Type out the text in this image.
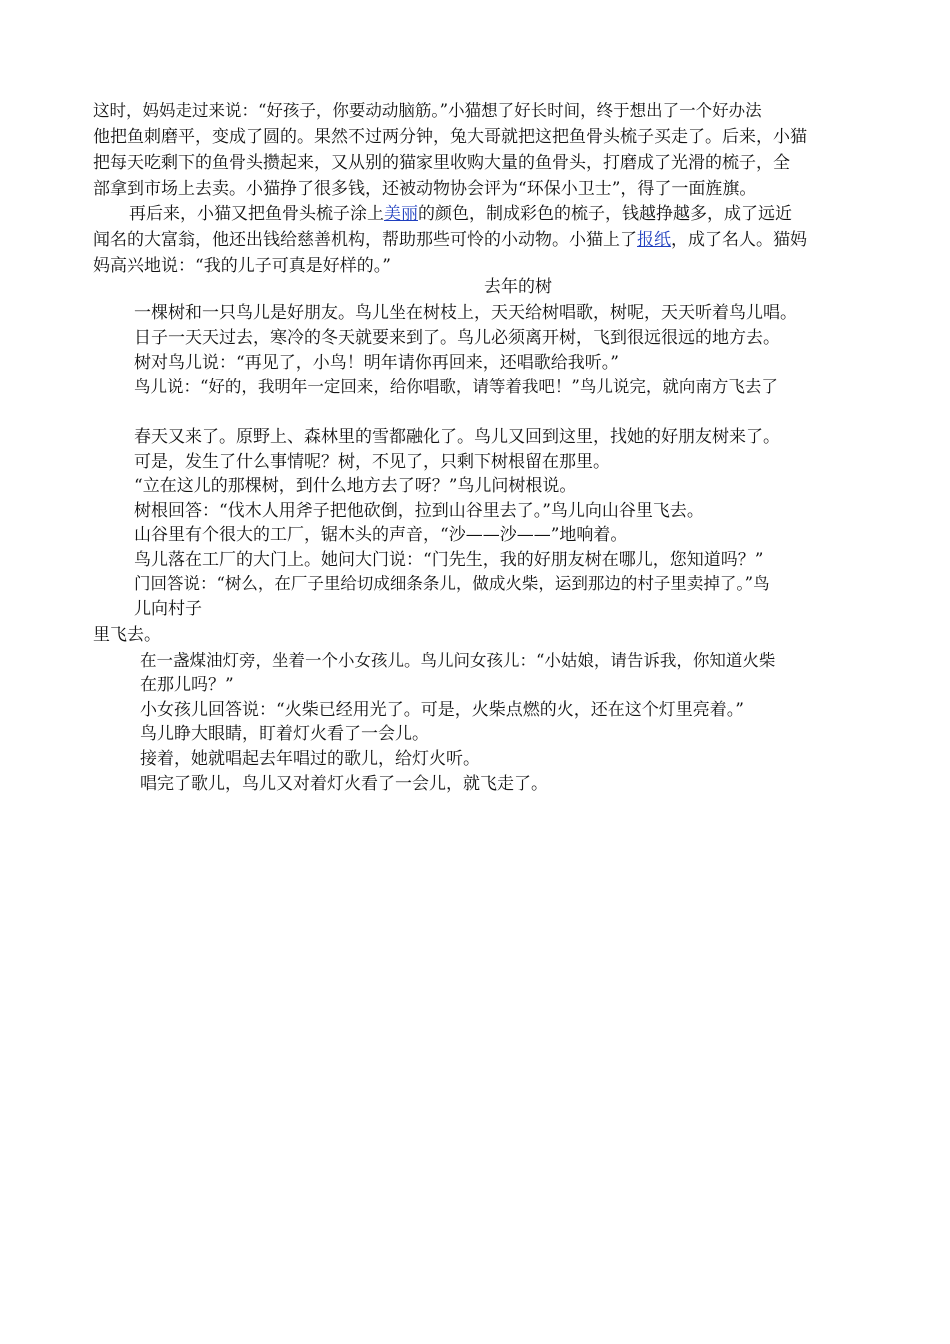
这时，妈妈走过来说：“好孩子，你要动动脑筋。”小猫想了好长时间，终于想出了一个好办法
他把鱼刺磨平，变成了圆的。果然不过两分钟，兔大哥就把这把鱼骨头梳子买走了。后来，小猫
把每天吃剩下的鱼骨头攒起来，又从别的猫家里收购大量的鱼骨头，打磨成了光滑的梳子，全
部拿到市场上去卖。小猫挣了很多钱，还被动物协会评为“环保小卫士”，得了一面旌旗。
再后来，小猫又把鱼骨头梳子涂上美丽的颜色，制成彩色的梳子，钱越挣越多，成了远近
闻名的大富翁，他还出钱给慈善机构，帮助那些可怜的小动物。小猫上了报纸，成了名人。猫妈
妈高兴地说：“我的儿子可真是好样的。”
去年的树
一棵树和一只鸟儿是好朋友。鸟儿坐在树枝上，天天给树唱歌，树呢，天天听着鸟儿唱。
日子一天天过去，寒冷的冬天就要来到了。鸟儿必须离开树，飞到很远很远的地方去。
树对鸟儿说：“再见了，小鸟！明年请你再回来，还唱歌给我听。”
鸟儿说：“好的，我明年一定回来，给你唱歌，请等着我吧！”鸟儿说完，就向南方飞去了
春天又来了。原野上、森林里的雪都融化了。鸟儿又回到这里，找她的好朋友树来了。
可是，发生了什么事情呢？树，不见了，只剩下树根留在那里。
“立在这儿的那棵树，到什么地方去了呀？”鸟儿问树根说。
树根回答：“伐木人用斧子把他砍倒，拉到山谷里去了。”鸟儿向山谷里飞去。
山谷里有个很大的工厂，锯木头的声音，“沙——沙——”地响着。
鸟儿落在工厂的大门上。她问大门说：“门先生，我的好朋友树在哪儿，您知道吗？”
门回答说：“树么，在厂子里给切成细条条儿，做成火柴，运到那边的村子里卖掉了。”鸟
儿向村子
里飞去。
在一盏煤油灯旁，坐着一个小女孩儿。鸟儿问女孩儿：“小姑娘，请告诉我，你知道火柴
在那儿吗？”
小女孩儿回答说：“火柴已经用光了。可是，火柴点燃的火，还在这个灯里亮着。”
鸟儿睁大眼睛，盯着灯火看了一会儿。
接着，她就唱起去年唱过的歌儿，给灯火听。
唱完了歌儿，鸟儿又对着灯火看了一会儿，就飞走了。
